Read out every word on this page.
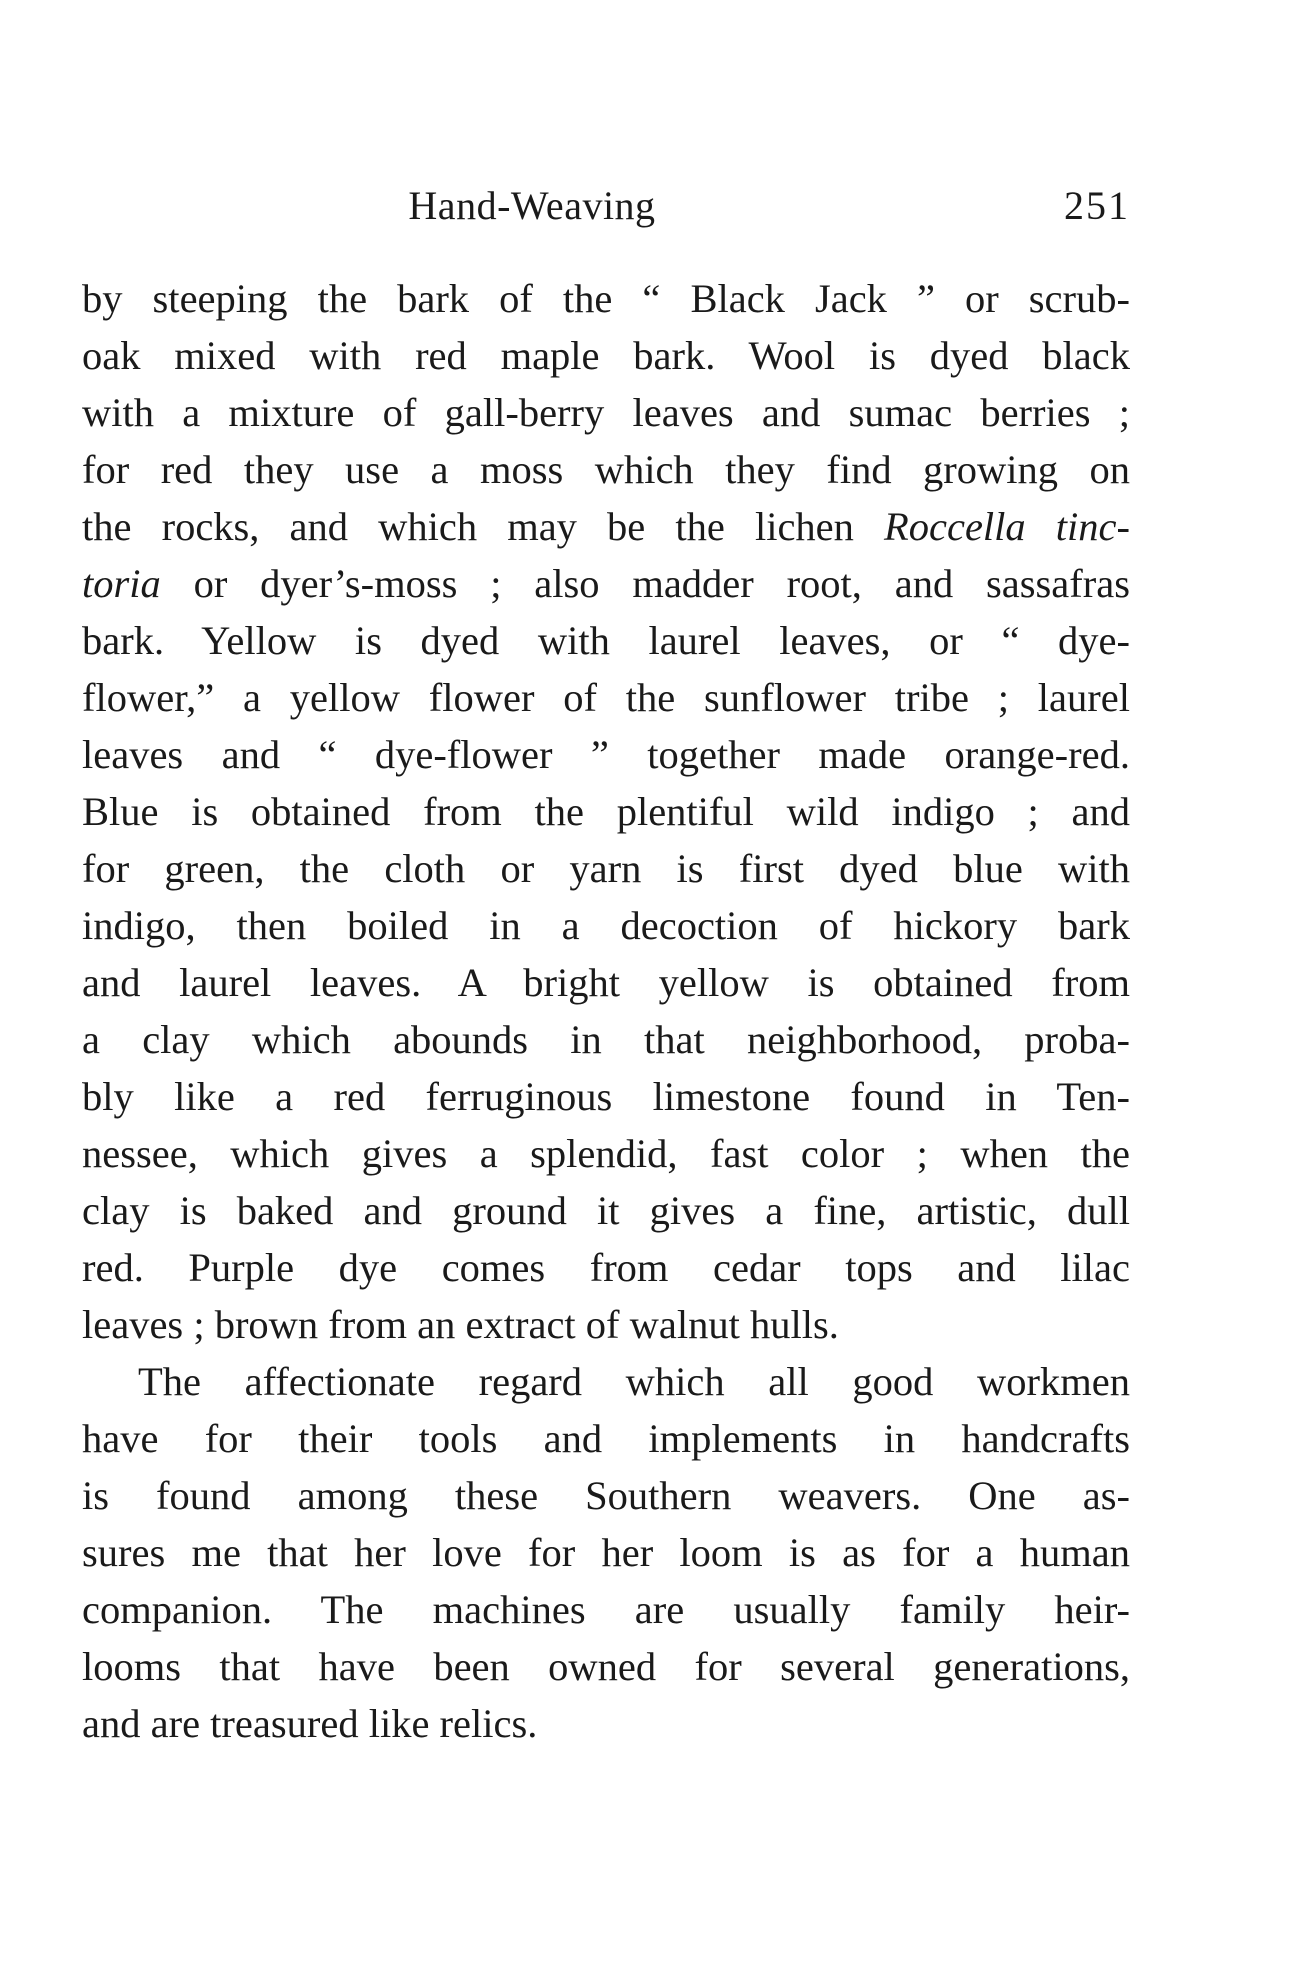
Hand-Weaving	251
by steeping the bark of the “ Black Jack ” or scrub-
oak mixed with red maple bark. Wool is dyed black
with a mixture of gall-berry leaves and sumac berries ;
for red they use a moss which they find growing on
the rocks, and which may be the lichen Roccella tinc-
toria or dyer’s-moss ; also madder root, and sassafras
bark. Yellow is dyed with laurel leaves, or “ dye-
flower,” a yellow flower of the sunflower tribe ; laurel
leaves and “ dye-flower ” together made orange-red.
Blue is obtained from the plentiful wild indigo ; and
for green, the cloth or yarn is first dyed blue with
indigo, then boiled in a decoction of hickory bark
and laurel leaves. A bright yellow is obtained from
a clay which abounds in that neighborhood, proba-
bly like a red ferruginous limestone found in Ten-
nessee, which gives a splendid, fast color ; when the
clay is baked and ground it gives a fine, artistic, dull
red. Purple dye comes from cedar tops and lilac
leaves ; brown from an extract of walnut hulls.
The affectionate regard which all good workmen
have for their tools and implements in handcrafts
is found among these Southern weavers. One as-
sures me that her love for her loom is as for a human
companion. The machines are usually family heir-
looms that have been owned for several generations,
and are treasured like relics.
